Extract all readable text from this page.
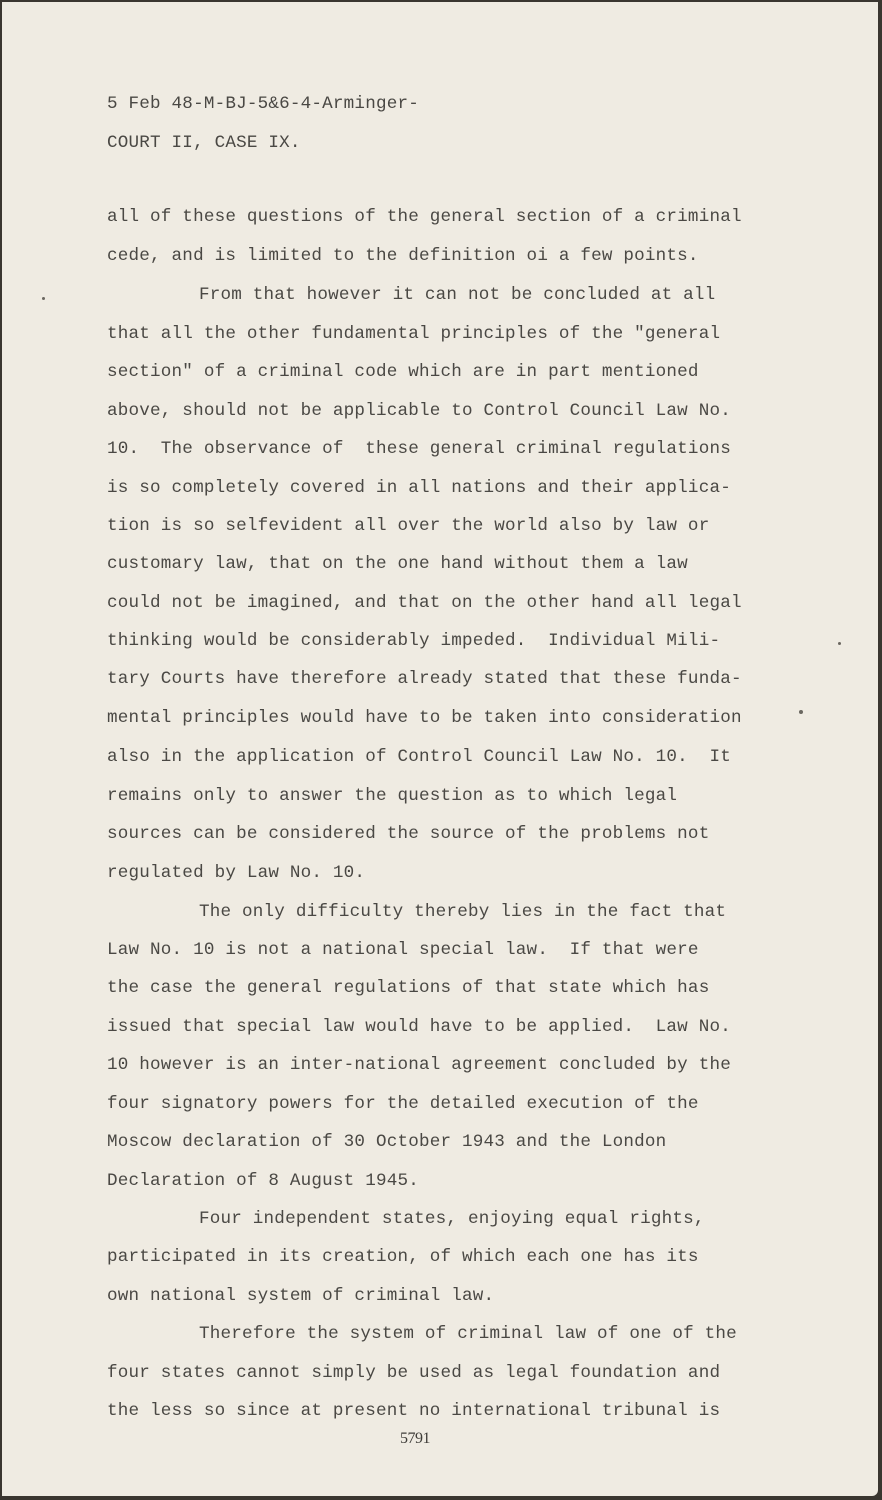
5 Feb 48-M-BJ-5&6-4-Arminger-
COURT II, CASE IX.
all of these questions of the general section of a criminal
cede, and is limited to the definition oi a few points.
From that however it can not be concluded at all
that all the other fundamental principles of the "general
section" of a criminal code which are in part mentioned
above, should not be applicable to Control Council Law No.
10.  The observance of  these general criminal regulations
is so completely covered in all nations and their applica-
tion is so selfevident all over the world also by law or
customary law, that on the one hand without them a law
could not be imagined, and that on the other hand all legal
thinking would be considerably impeded.  Individual Mili-
tary Courts have therefore already stated that these funda-
mental principles would have to be taken into consideration
also in the application of Control Council Law No. 10.  It
remains only to answer the question as to which legal
sources can be considered the source of the problems not
regulated by Law No. 10.
The only difficulty thereby lies in the fact that
Law No. 10 is not a national special law.  If that were
the case the general regulations of that state which has
issued that special law would have to be applied.  Law No.
10 however is an inter-national agreement concluded by the
four signatory powers for the detailed execution of the
Moscow declaration of 30 October 1943 and the London
Declaration of 8 August 1945.
Four independent states, enjoying equal rights,
participated in its creation, of which each one has its
own national system of criminal law.
Therefore the system of criminal law of one of the
four states cannot simply be used as legal foundation and
the less so since at present no international tribunal is
5791
